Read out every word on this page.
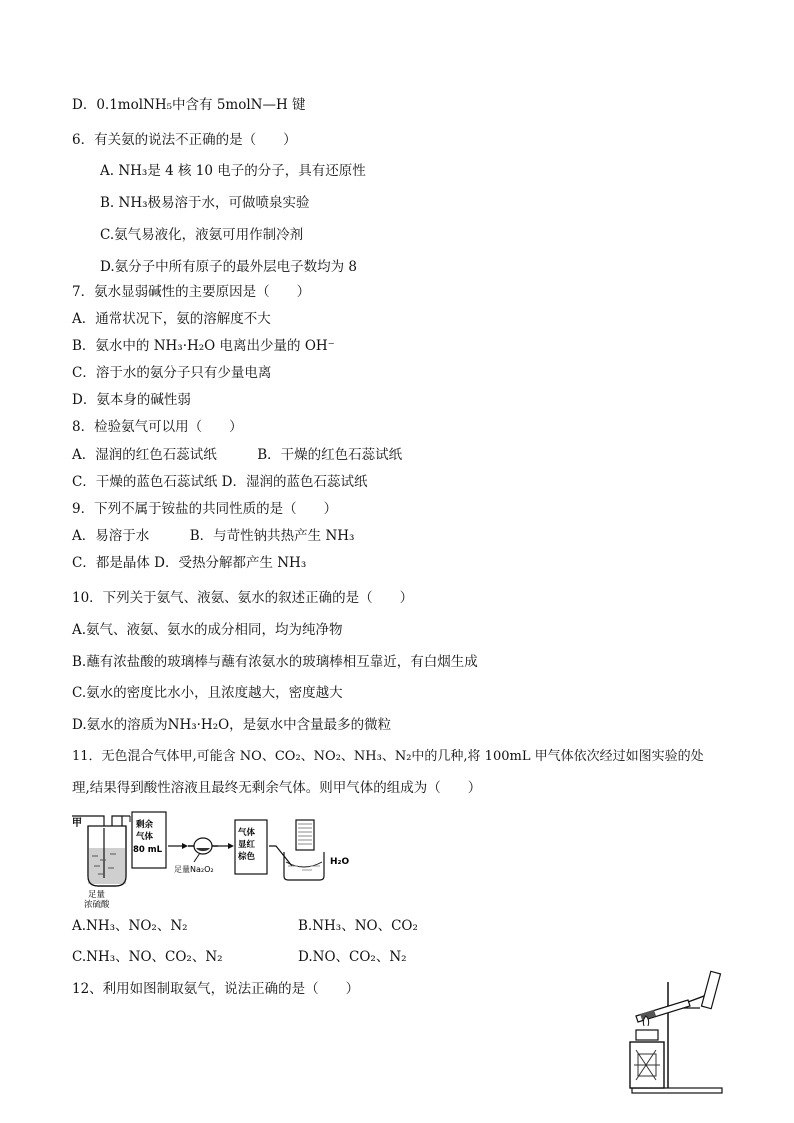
D．0.1molNH₅中含有 5molN—H 键
6．有关氨的说法不正确的是（　　）
A. NH₃是 4 核 10 电子的分子，具有还原性
B. NH₃极易溶于水，可做喷泉实验
C.氨气易液化，液氨可用作制冷剂
D.氨分子中所有原子的最外层电子数均为 8
7．氨水显弱碱性的主要原因是（　　）
A．通常状况下，氨的溶解度不大
B．氨水中的 NH₃·H₂O 电离出少量的 OH⁻
C．溶于水的氨分子只有少量电离
D．氨本身的碱性弱
8．检验氨气可以用（　　）
A．湿润的红色石蕊试纸　　　B．干燥的红色石蕊试纸
C．干燥的蓝色石蕊试纸 D．湿润的蓝色石蕊试纸
9．下列不属于铵盐的共同性质的是（　　）
A．易溶于水　　　B．与苛性钠共热产生 NH₃
C．都是晶体 D．受热分解都产生 NH₃
10．下列关于氨气、液氨、氨水的叙述正确的是（　　）
A.氨气、液氨、氨水的成分相同，均为纯净物
B.蘸有浓盐酸的玻璃棒与蘸有浓氨水的玻璃棒相互靠近，有白烟生成
C.氨水的密度比水小，且浓度越大，密度越大
D.氨水的溶质为NH₃·H₂O，是氨水中含量最多的微粒
11．无色混合气体甲,可能含 NO、CO₂、NO₂、NH₃、N₂中的几种,将 100mL 甲气体依次经过如图实验的处
理,结果得到酸性溶液且最终无剩余气体。则甲气体的组成为（　　）
甲
足量
浓硫酸
剩余
气体
80 mL
足量Na₂O₂
气体
显红
棕色	H₂O
A.NH₃、NO₂、N₂	B.NH₃、NO、CO₂
C.NH₃、NO、CO₂、N₂	D.NO、CO₂、N₂
12、利用如图制取氨气，说法正确的是（　　）
